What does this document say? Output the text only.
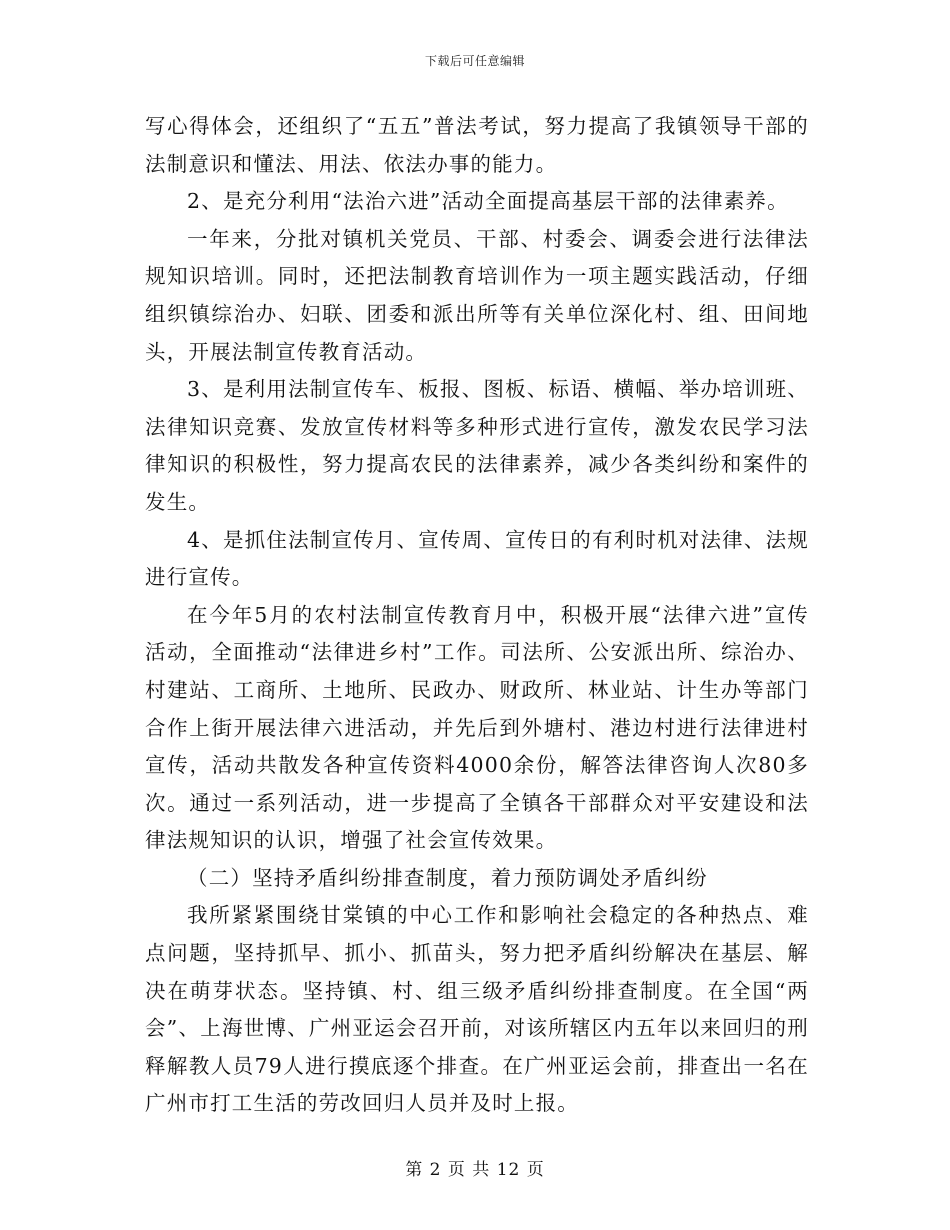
下载后可任意编辑

写心得体会，还组织了“五五”普法考试，努力提高了我镇领导干部的法制意识和懂法、用法、依法办事的能力。

2、是充分利用“法治六进”活动全面提高基层干部的法律素养。

一年来，分批对镇机关党员、干部、村委会、调委会进行法律法规知识培训。同时，还把法制教育培训作为一项主题实践活动，仔细组织镇综治办、妇联、团委和派出所等有关单位深化村、组、田间地头，开展法制宣传教育活动。

3、是利用法制宣传车、板报、图板、标语、横幅、举办培训班、法律知识竞赛、发放宣传材料等多种形式进行宣传，激发农民学习法律知识的积极性，努力提高农民的法律素养，减少各类纠纷和案件的发生。

4、是抓住法制宣传月、宣传周、宣传日的有利时机对法律、法规进行宣传。

在今年5月的农村法制宣传教育月中，积极开展“法律六进”宣传活动，全面推动“法律进乡村”工作。司法所、公安派出所、综治办、村建站、工商所、土地所、民政办、财政所、林业站、计生办等部门合作上街开展法律六进活动，并先后到外塘村、港边村进行法律进村宣传，活动共散发各种宣传资料4000余份，解答法律咨询人次80多次。通过一系列活动，进一步提高了全镇各干部群众对平安建设和法律法规知识的认识，增强了社会宣传效果。

（二）坚持矛盾纠纷排查制度，着力预防调处矛盾纠纷

我所紧紧围绕甘棠镇的中心工作和影响社会稳定的各种热点、难点问题，坚持抓早、抓小、抓苗头，努力把矛盾纠纷解决在基层、解决在萌芽状态。坚持镇、村、组三级矛盾纠纷排查制度。在全国“两会”、上海世博、广州亚运会召开前，对该所辖区内五年以来回归的刑释解教人员79人进行摸底逐个排查。在广州亚运会前，排查出一名在广州市打工生活的劳改回归人员并及时上报。

第 2 页 共 12 页
